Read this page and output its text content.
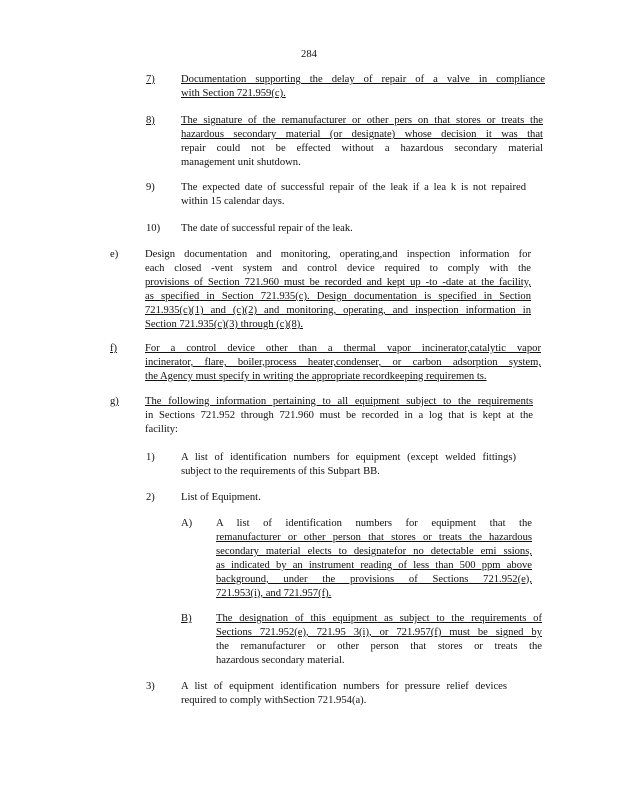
284
7) Documentation supporting the delay of repair of a valve in compliance
with Section 721.959(c).
8) The signature of the remanufacturer or other pers on that stores or treats the
hazardous secondary material (or designate) whose decision it was that
repair could not be effected without a hazardous secondary material
management unit shutdown.
9) The expected date of successful repair of the leak if a lea k is not repaired
within 15 calendar days.
10) The date of successful repair of the leak.
e)	Design documentation and monitoring, operating,and inspection information for
each closed -vent system and control device required to comply with the
provisions of Section 721.960 must be recorded and kept up -to -date at the facility,
as specified in Section 721.935(c). Design documentation is specified in Section
721.935(c)(1) and (c)(2) and monitoring, operating, and inspection information in
Section 721.935(c)(3) through (c)(8).
f)	For a control device other than a thermal vapor incinerator,catalytic vapor
incinerator, flare, boiler,process heater,condenser, or carbon adsorption system,
the Agency must specify in writing the appropriate recordkeeping requiremen ts.
g) The following information pertaining to all equipment subject to the requirements
in Sections 721.952 through 721.960 must be recorded in a log that is kept at the
facility:
1) A list of identification numbers for equipment (except welded fittings)
subject to the requirements of this Subpart BB.
2) List of Equipment.
A) A list of identification numbers for equipment that the
remanufacturer or other person that stores or treats the hazardous
secondary material elects to designatefor no detectable emi ssions,
as indicated by an instrument reading of less than 500 ppm above
background, under the provisions of Sections 721.952(e),
721.953(i), and 721.957(f).
B) The designation of this equipment as subject to the requirements of
Sections 721.952(e), 721.95 3(i), or 721.957(f) must be signed by
the remanufacturer or other person that stores or treats the
hazardous secondary material.
3) A list of equipment identification numbers for pressure relief devices
required to comply withSection 721.954(a).
